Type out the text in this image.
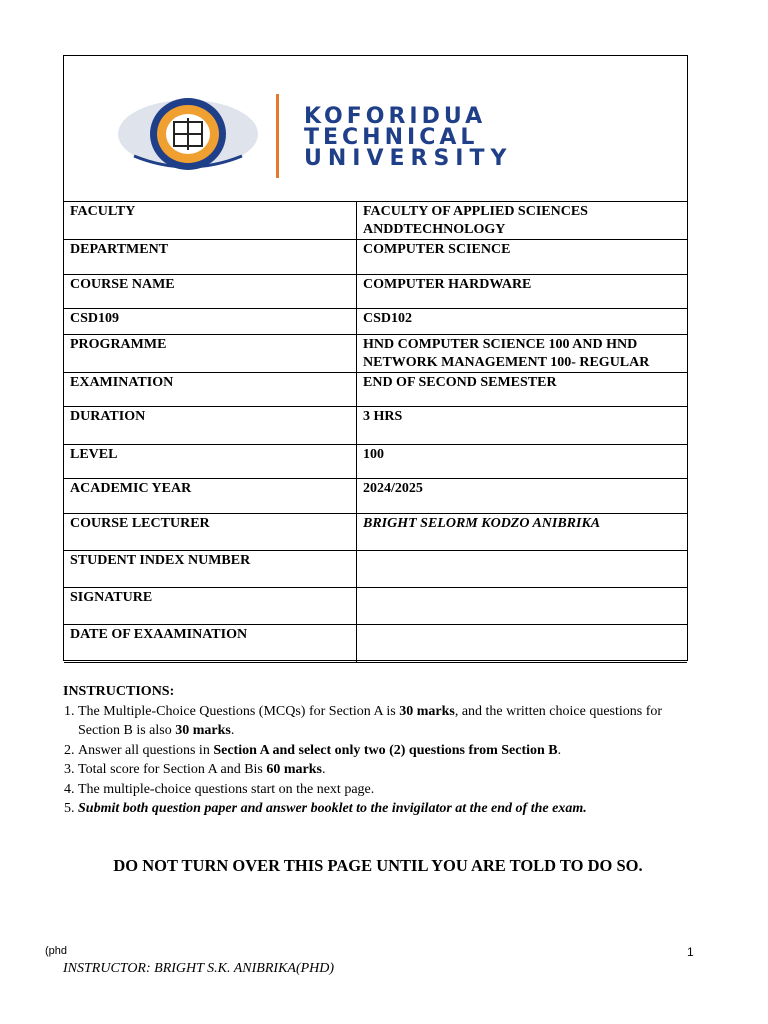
KOFORIDUA
TECHNICAL
UNIVERSITY
FACULTY	FACULTY OF APPLIED SCIENCES ANDDTECHNOLOGY
DEPARTMENT	COMPUTER SCIENCE
COURSE NAME	COMPUTER HARDWARE
CSD109	CSD102
PROGRAMME	HND COMPUTER SCIENCE 100 AND HND NETWORK MANAGEMENT 100- REGULAR
EXAMINATION	END OF SECOND SEMESTER
DURATION	3 HRS
LEVEL	100
ACADEMIC YEAR	2024/2025
COURSE LECTURER	BRIGHT SELORM KODZO ANIBRIKA
STUDENT INDEX NUMBER	
SIGNATURE	
DATE OF EXAAMINATION	
INSTRUCTIONS:
1. The Multiple-Choice Questions (MCQs) for Section A is 30 marks, and the written choice questions for Section B is also 30 marks.
2. Answer all questions in Section A and select only two (2) questions from Section B.
3. Total score for Section A and Bis 60 marks.
4. The multiple-choice questions start on the next page.
5. Submit both question paper and answer booklet to the invigilator at the end of the exam.
DO NOT TURN OVER THIS PAGE UNTIL YOU ARE TOLD TO DO SO.
(phd
INSTRUCTOR: BRIGHT S.K. ANIBRIKA(PHD)
1
